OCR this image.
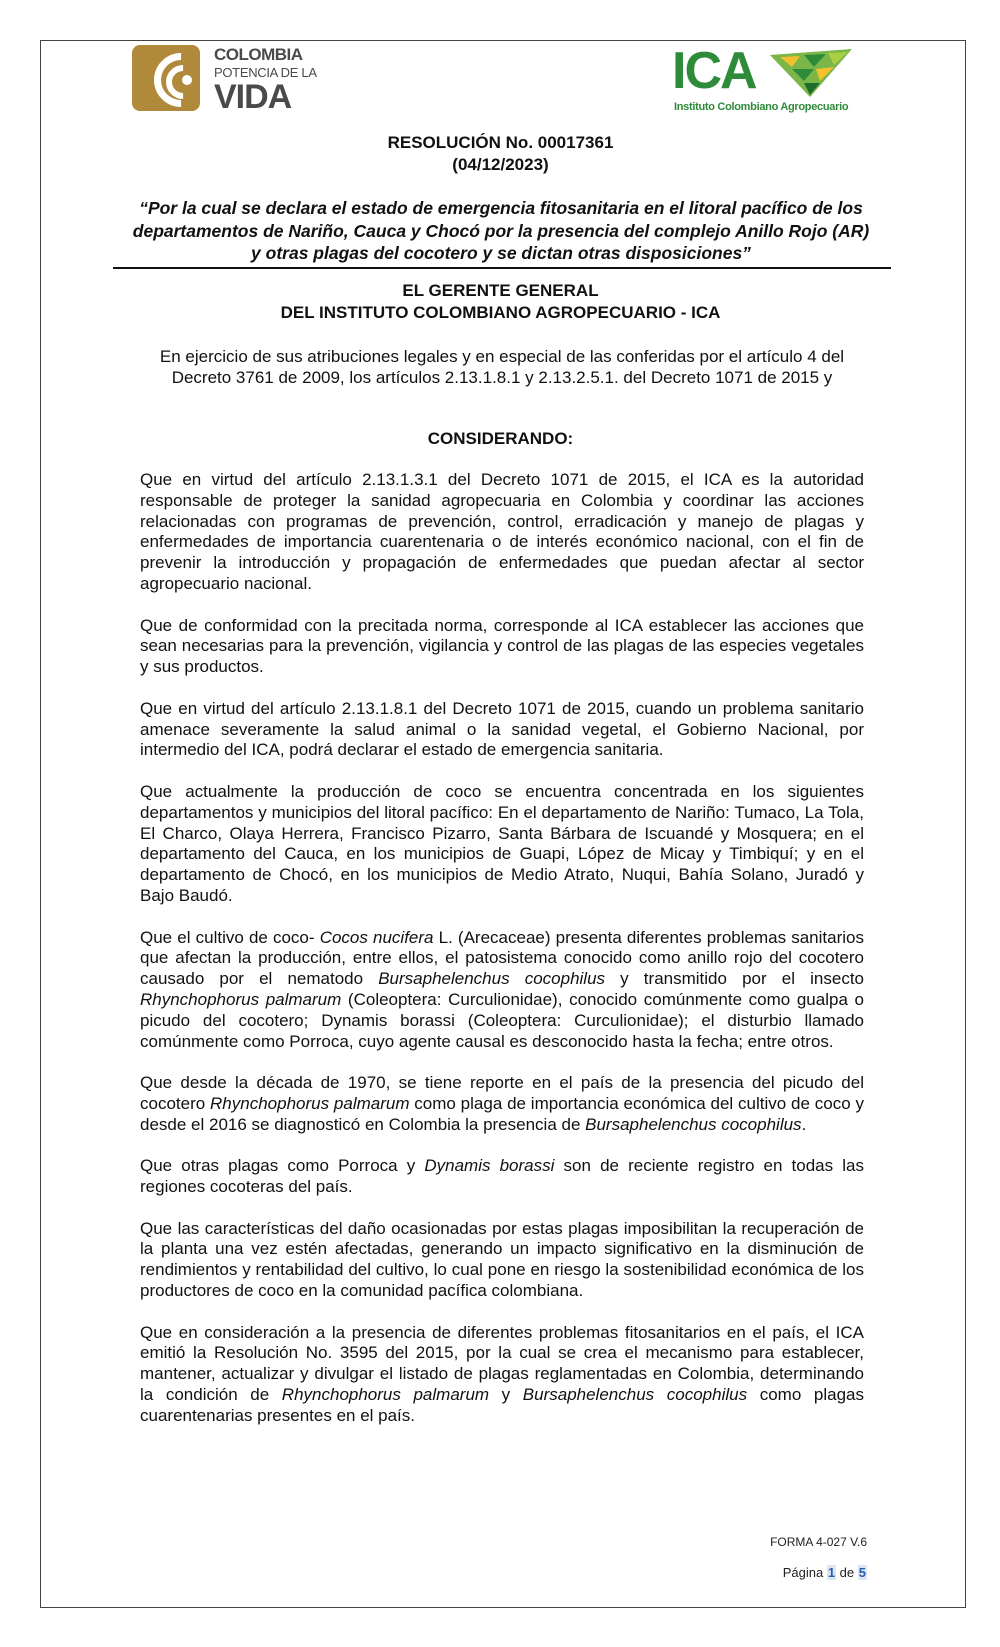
COLOMBIA
POTENCIA DE LA
VIDA	ICA
Instituto Colombiano Agropecuario
RESOLUCIÓN No. 00017361
(04/12/2023)
“Por la cual se declara el estado de emergencia fitosanitaria en el litoral pacífico de los departamentos de Nariño, Cauca y Chocó por la presencia del complejo Anillo Rojo (AR) y otras plagas del cocotero y se dictan otras disposiciones”
EL GERENTE GENERAL
DEL INSTITUTO COLOMBIANO AGROPECUARIO - ICA
En ejercicio de sus atribuciones legales y en especial de las conferidas por el artículo 4 del Decreto 3761 de 2009, los artículos 2.13.1.8.1 y 2.13.2.5.1. del Decreto 1071 de 2015 y
CONSIDERANDO:

Que en virtud del artículo 2.13.1.3.1 del Decreto 1071 de 2015, el ICA es la autoridad responsable de proteger la sanidad agropecuaria en Colombia y coordinar las acciones relacionadas con programas de prevención, control, erradicación y manejo de plagas y enfermedades de importancia cuarentenaria o de interés económico nacional, con el fin de prevenir la introducción y propagación de enfermedades que puedan afectar al sector agropecuario nacional.

Que de conformidad con la precitada norma, corresponde al ICA establecer las acciones que sean necesarias para la prevención, vigilancia y control de las plagas de las especies vegetales y sus productos.

Que en virtud del artículo 2.13.1.8.1 del Decreto 1071 de 2015, cuando un problema sanitario amenace severamente la salud animal o la sanidad vegetal, el Gobierno Nacional, por intermedio del ICA, podrá declarar el estado de emergencia sanitaria.

Que actualmente la producción de coco se encuentra concentrada en los siguientes departamentos y municipios del litoral pacífico: En el departamento de Nariño: Tumaco, La Tola, El Charco, Olaya Herrera, Francisco Pizarro, Santa Bárbara de Iscuandé y Mosquera; en el departamento del Cauca, en los municipios de Guapi, López de Micay y Timbiquí; y en el departamento de Chocó, en los municipios de Medio Atrato, Nuqui, Bahía Solano, Juradó y Bajo Baudó.

Que el cultivo de coco- Cocos nucifera L. (Arecaceae) presenta diferentes problemas sanitarios que afectan la producción, entre ellos, el patosistema conocido como anillo rojo del cocotero causado por el nematodo Bursaphelenchus cocophilus y transmitido por el insecto Rhynchophorus palmarum (Coleoptera: Curculionidae), conocido comúnmente como gualpa o picudo del cocotero; Dynamis borassi (Coleoptera: Curculionidae); el disturbio llamado comúnmente como Porroca, cuyo agente causal es desconocido hasta la fecha; entre otros.

Que desde la década de 1970, se tiene reporte en el país de la presencia del picudo del cocotero Rhynchophorus palmarum como plaga de importancia económica del cultivo de coco y desde el 2016 se diagnosticó en Colombia la presencia de Bursaphelenchus cocophilus.

Que otras plagas como Porroca y Dynamis borassi son de reciente registro en todas las regiones cocoteras del país.

Que las características del daño ocasionadas por estas plagas imposibilitan la recuperación de la planta una vez estén afectadas, generando un impacto significativo en la disminución de rendimientos y rentabilidad del cultivo, lo cual pone en riesgo la sostenibilidad económica de los productores de coco en la comunidad pacífica colombiana.

Que en consideración a la presencia de diferentes problemas fitosanitarios en el país, el ICA emitió la Resolución No. 3595 del 2015, por la cual se crea el mecanismo para establecer, mantener, actualizar y divulgar el listado de plagas reglamentadas en Colombia, determinando la condición de Rhynchophorus palmarum y Bursaphelenchus cocophilus como plagas cuarentenarias presentes en el país.

FORMA 4-027 V.6
Página 1 de 5
